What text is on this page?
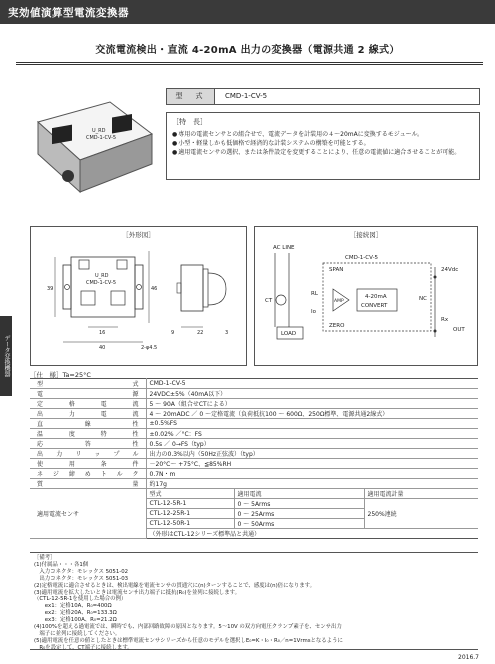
実効値演算型電流変換器
交流電流検出・直流 4-20mA 出力の変換器（電源共通 2 線式）
U_RD
CMD-1-CV-5
型　式	CMD-1-CV-5
［特　長］
● 専用の電流センサとの組合せで、電流データを計装用の４～20mAに変換するモジュール。
● 小型・軽量しかも低価格で経済的な計装システムの構築を可能とする。
● 適用電流センサの選択、または条件設定を変更することにより、任意の電流値に適合させることが可能。
［外形図］
U_RD
CMD-1-CV-5
39	46
40
16
2-φ4.5
9	22	3
［接続図］
AC LINE
CMD-1-CV-5
SPAN
ZERO
AMP
4-20mA
CONVERT
CT
RL
Io
LOAD
24Vdc
NC
Rx
OUT
データ変換機器	［仕　様］Ta=25°C
型式	CMD-1-CV-5		
電源	24VDC±5%（40mA以下）		
定格電流	5 ～ 90A（組合せCTによる）		
出力電流	4 ～ 20mADC ／ 0 ～定格電流（負荷抵抗100 ～ 600Ω、250Ω標準、電源共通2線式）		
直線性	±0.5%FS		
温度特性	±0.02% ／°C：FS		
応答性	0.5s ／ 0→FS（typ）		
出力リップル	出力の0.3%以内（50Hz正弦波）（typ）		
使用条件	－20°C～ +75°C、≦85%RH		
ネジ締めトルク	0.7N・m		
質量	約17g		
適用電流センサ	型式	適用電流	適用電流計量
	CTL-12-5R-1	0 ～ 5Arms	250%連続
	CTL-12-25R-1	0 ～ 25Arms	
	CTL-12-50R-1	0 ～ 50Arms	
	（外形はCTL-12シリーズ標準品と共通）		
［備考］
(1)付属品・・・各1個
　入力コネクタ：モレックス 5051-02
　出力コネクタ：モレックス 5051-03
(2)定格電流に適合させるときは、検出電線を電流センサの貫通穴に(n)ターンすることで、感度は(n)倍になります。
(3)適用電流を拡大したいときは電流センサ出力端子に抵抗(R₀)を並列に接続します。
（CTL-12-5R-1を使用した場合の例）
　　ex1：定格10A、R₀=400Ω
　　ex2：定格20A、R₀=133.3Ω
　　ex3：定格100A、R₀=21.2Ω
(4)100%を超える過電流では、瞬時でも、内部回路故障の原因となります。5～10V の双方向電圧クランプ素子を、センサ出力
　端子に並列に接続してください。
(5)適用電流を任意の値としたときは標準電流センサシリーズから任意のモデルを選択しE₀=K・I₀・R₀／n=1Vrmsとなるように
　R₀を設定して、CT端子に接続します。
2016.7
